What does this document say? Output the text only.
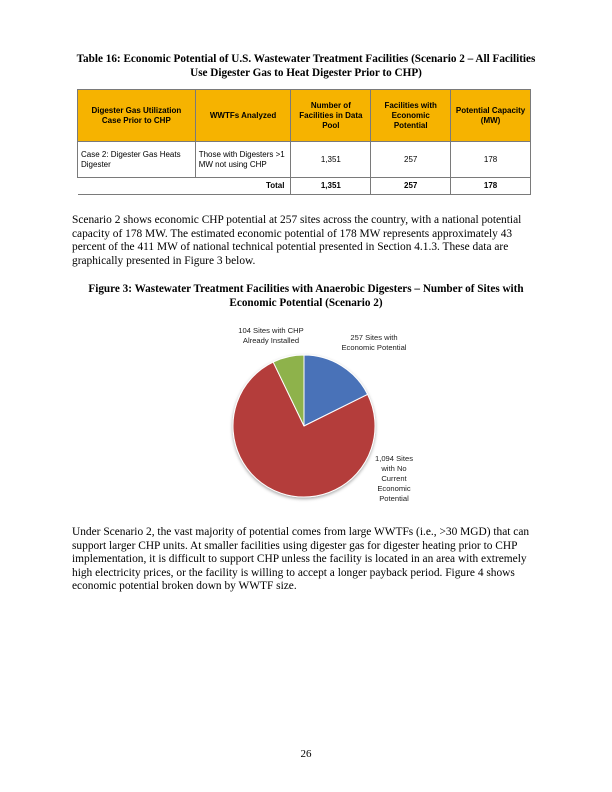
Table 16: Economic Potential of U.S. Wastewater Treatment Facilities (Scenario 2 – All Facilities Use Digester Gas to Heat Digester Prior to CHP)
Digester Gas Utilization Case Prior to CHP	WWTFs Analyzed	Number of Facilities in Data Pool	Facilities with Economic Potential	Potential Capacity (MW)
Case 2: Digester Gas Heats Digester	Those with Digesters >1 MW not using CHP	1,351	257	178
	Total	1,351	257	178
Scenario 2 shows economic CHP potential at 257 sites across the country, with a national potential capacity of 178 MW. The estimated economic potential of 178 MW represents approximately 43 percent of the 411 MW of national technical potential presented in Section 4.1.3. These data are graphically presented in Figure 3 below.
Figure 3: Wastewater Treatment Facilities with Anaerobic Digesters – Number of Sites with Economic Potential (Scenario 2)
104 Sites with CHP Already Installed	257 Sites with Economic Potential
1,094 Sites with No Current Economic Potential
Under Scenario 2, the vast majority of potential comes from large WWTFs (i.e., >30 MGD) that can support larger CHP units. At smaller facilities using digester gas for digester heating prior to CHP implementation, it is difficult to support CHP unless the facility is located in an area with extremely high electricity prices, or the facility is willing to accept a longer payback period. Figure 4 shows economic potential broken down by WWTF size.
26
